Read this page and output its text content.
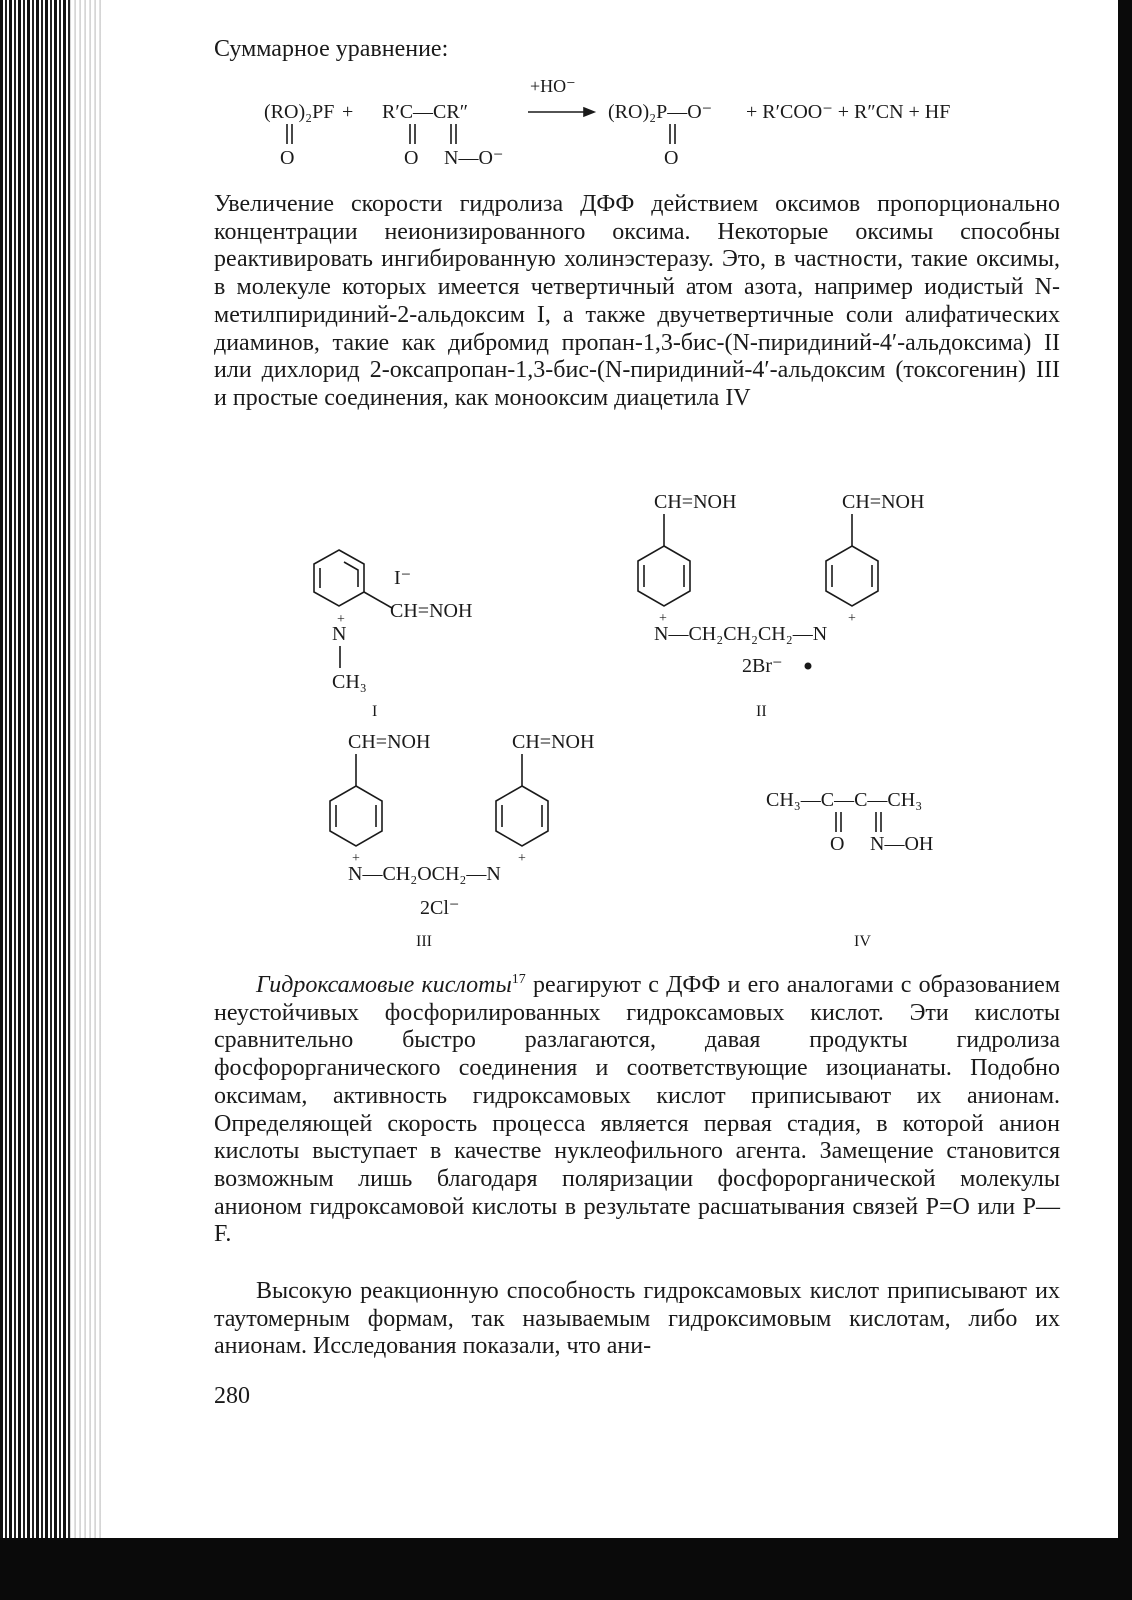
Суммарное уравнение:

Увеличение скорости гидролиза ДФФ действием оксимов пропорционально концентрации неионизированного оксима. Некоторые оксимы способны реактивировать ингибированную холинэстеразу. Это, в частности, такие оксимы, в молекуле которых имеется четвертичный атом азота, например иодистый N-метилпиридиний-2-альдоксим I, а также двучетвертичные соли алифатических диаминов, такие как дибромид пропан-1,3-бис-(N-пиридиний-4′-альдоксима) II или дихлорид 2-оксапропан-1,3-бис-(N-пиридиний-4′-альдоксим (токсогенин) III и простые соединения, как монооксим диацетила IV

Гидроксамовые кислоты$^{17}$ реагируют с ДФФ и его аналогами с образованием неустойчивых фосфорилированных гидроксамовых кислот. Эти кислоты сравнительно быстро разлагаются, давая продукты гидролиза фосфорорганического соединения и соответствующие изоцианаты. Подобно оксимам, активность гидроксамовых кислот приписывают их анионам. Определяющей скорость процесса является первая стадия, в которой анион кислоты выступает в качестве нуклеофильного агента. Замещение становится возможным лишь благодаря поляризации фосфорорганической молекулы анионом гидроксамовой кислоты в результате расшатывания связей Р=О или Р—F.

Высокую реакционную способность гидроксамовых кислот приписывают их таутомерным формам, так называемым гидроксимовым кислотам, либо их анионам. Исследования показали, что ани-

280
(RO)₂PF
O
+ R′C—CR″
O N—O⁻
+HO⁻
(RO)₂P—O⁻
O
+ R′COO⁻ + R″CN + HF
CH=NOH
I⁻
+
N
CH₃
I
CH=NOH	CH=NOH
+	+
N—CH₂CH₂CH₂—N
2Br⁻
II
CH=NOH	CH=NOH
+	+
N—CH₂OCH₂—N
2Cl⁻
III
CH₃—C—C—CH₃
O N—OH
IV
